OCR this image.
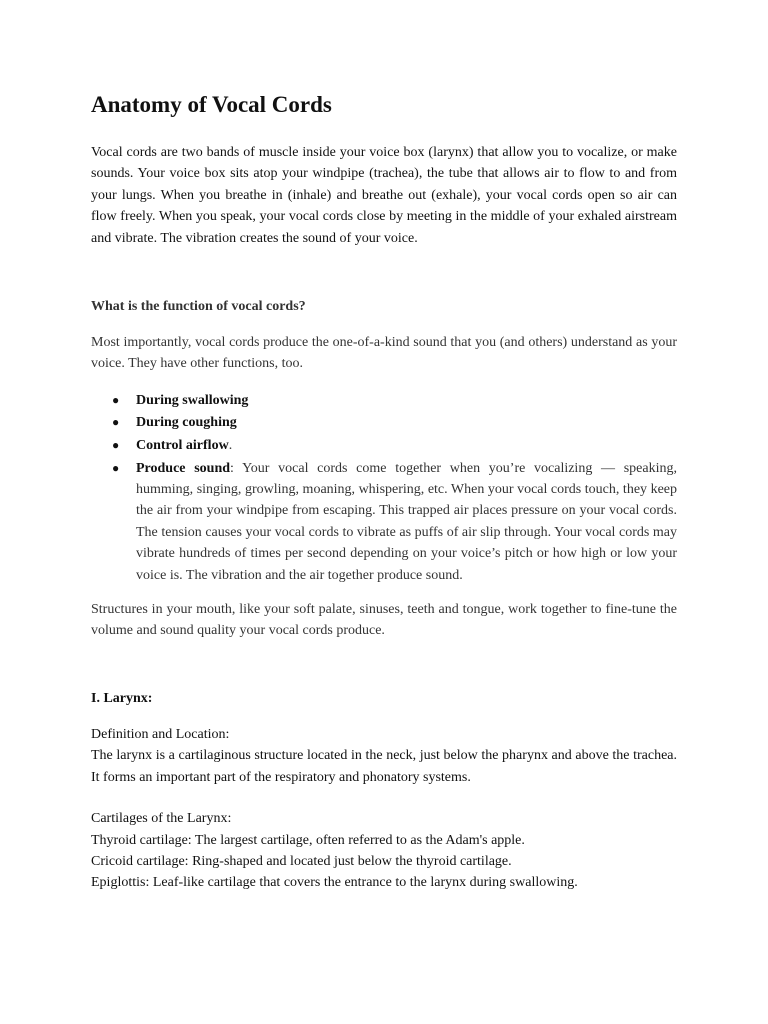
Anatomy of Vocal Cords

Vocal cords are two bands of muscle inside your voice box (larynx) that allow you to vocalize, or make sounds. Your voice box sits atop your windpipe (trachea), the tube that allows air to flow to and from your lungs. When you breathe in (inhale) and breathe out (exhale), your vocal cords open so air can flow freely. When you speak, your vocal cords close by meeting in the middle of your exhaled airstream and vibrate. The vibration creates the sound of your voice.

What is the function of vocal cords?

Most importantly, vocal cords produce the one-of-a-kind sound that you (and others) understand as your voice. They have other functions, too.

● During swallowing
● During coughing
● Control airflow.
● Produce sound: Your vocal cords come together when you’re vocalizing — speaking, humming, singing, growling, moaning, whispering, etc. When your vocal cords touch, they keep the air from your windpipe from escaping. This trapped air places pressure on your vocal cords. The tension causes your vocal cords to vibrate as puffs of air slip through. Your vocal cords may vibrate hundreds of times per second depending on your voice’s pitch or how high or low your voice is. The vibration and the air together produce sound.

Structures in your mouth, like your soft palate, sinuses, teeth and tongue, work together to fine-tune the volume and sound quality your vocal cords produce.

I. Larynx:
Definition and Location:
The larynx is a cartilaginous structure located in the neck, just below the pharynx and above the trachea. It forms an important part of the respiratory and phonatory systems.
Cartilages of the Larynx:
Thyroid cartilage: The largest cartilage, often referred to as the Adam's apple.
Cricoid cartilage: Ring-shaped and located just below the thyroid cartilage.
Epiglottis: Leaf-like cartilage that covers the entrance to the larynx during swallowing.
